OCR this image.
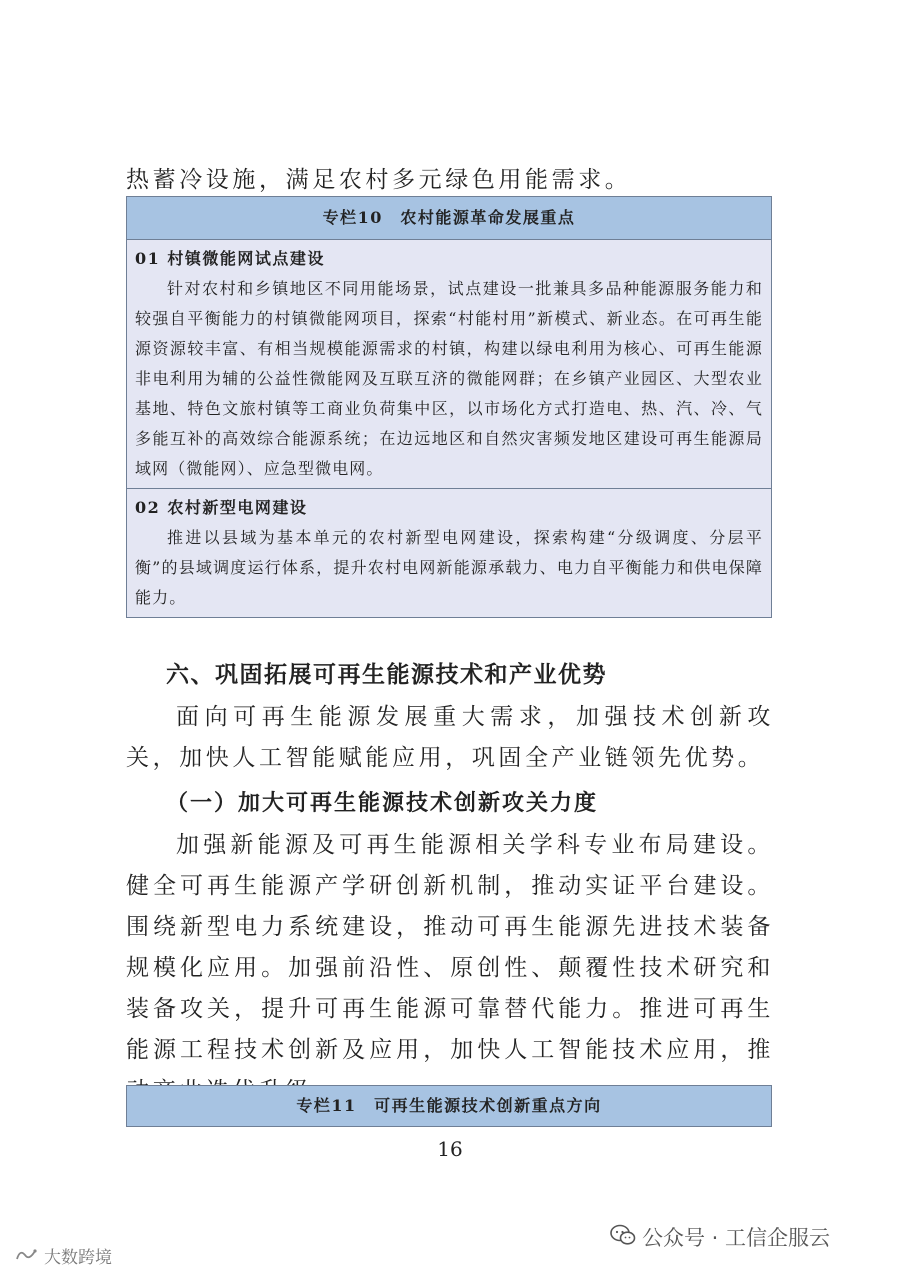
热蓄冷设施，满足农村多元绿色用能需求。

专栏10　农村能源革命发展重点
01 村镇微能网试点建设

针对农村和乡镇地区不同用能场景，试点建设一批兼具多品种能源服务能力和较强自平衡能力的村镇微能网项目，探索“村能村用”新模式、新业态。在可再生能源资源较丰富、有相当规模能源需求的村镇，构建以绿电利用为核心、可再生能源非电利用为辅的公益性微能网及互联互济的微能网群；在乡镇产业园区、大型农业基地、特色文旅村镇等工商业负荷集中区，以市场化方式打造电、热、汽、冷、气多能互补的高效综合能源系统；在边远地区和自然灾害频发地区建设可再生能源局域网（微能网）、应急型微电网。

02 农村新型电网建设

推进以县域为基本单元的农村新型电网建设，探索构建“分级调度、分层平衡”的县域调度运行体系，提升农村电网新能源承载力、电力自平衡能力和供电保障能力。

六、巩固拓展可再生能源技术和产业优势

面向可再生能源发展重大需求，加强技术创新攻关，加快人工智能赋能应用，巩固全产业链领先优势。

（一）加大可再生能源技术创新攻关力度

加强新能源及可再生能源相关学科专业布局建设。健全可再生能源产学研创新机制，推动实证平台建设。围绕新型电力系统建设，推动可再生能源先进技术装备规模化应用。加强前沿性、原创性、颠覆性技术研究和装备攻关，提升可再生能源可靠替代能力。推进可再生能源工程技术创新及应用，加快人工智能技术应用，推

专栏11　可再生能源技术创新重点方向
16
公众号 · 工信企服云
大数跨境
